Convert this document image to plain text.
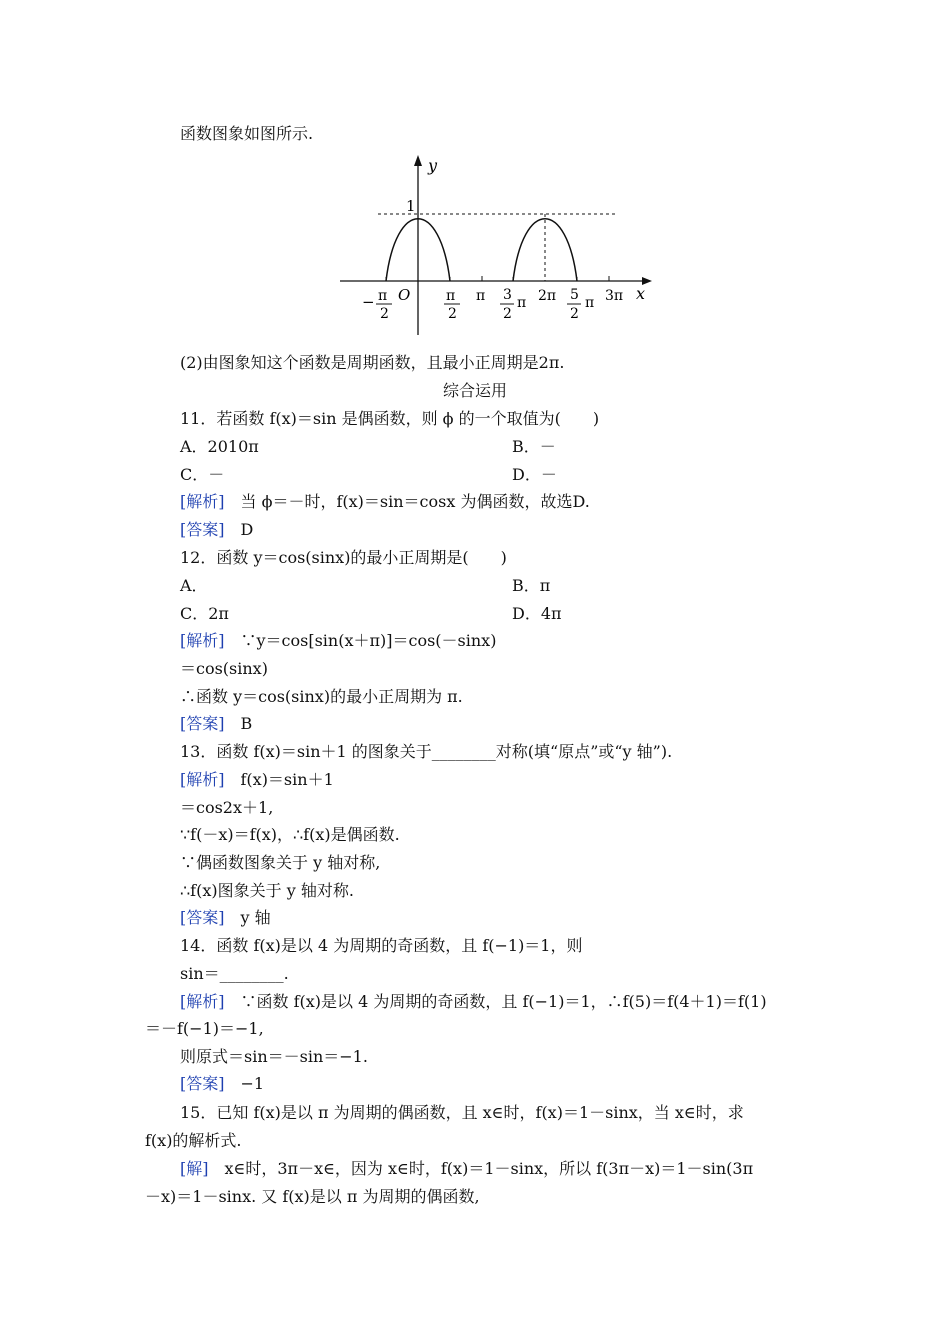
函数图象如图所示.
y
x
1
O
− π
2
π
2
π 3
2
π 2π 5
2
π 3π
(2)由图象知这个函数是周期函数，且最小正周期是2π.
综合运用
11．若函数 f(x)＝sin 是偶函数，则 ϕ 的一个取值为(　　)
A．2010π	B．－
C．－	D．－
[解析]　当 ϕ＝－时，f(x)＝sin＝cosx 为偶函数，故选D.
[答案]　D
12．函数 y＝cos(sinx)的最小正周期是(　　)
A．	B．π
C．2π	D．4π
[解析]　∵y＝cos[sin(x＋π)]＝cos(－sinx)
＝cos(sinx)
∴函数 y＝cos(sinx)的最小正周期为 π.
[答案]　B
13．函数 f(x)＝sin＋1 的图象关于________对称(填“原点”或“y 轴”).
[解析]　f(x)＝sin＋1
＝cos2x＋1,
∵f(－x)＝f(x)，∴f(x)是偶函数.
∵偶函数图象关于 y 轴对称,
∴f(x)图象关于 y 轴对称.
[答案]　y 轴
14．函数 f(x)是以 4 为周期的奇函数，且 f(−1)＝1，则
sin＝________.
[解析]　∵函数 f(x)是以 4 为周期的奇函数，且 f(−1)＝1，∴f(5)＝f(4＋1)＝f(1)
＝－f(−1)＝−1,
则原式＝sin＝－sin＝−1.
[答案]　−1
15．已知 f(x)是以 π 为周期的偶函数，且 x∈时，f(x)＝1－sinx，当 x∈时，求
f(x)的解析式.
[解]　x∈时，3π－x∈，因为 x∈时，f(x)＝1－sinx，所以 f(3π－x)＝1－sin(3π
－x)＝1－sinx. 又 f(x)是以 π 为周期的偶函数,
